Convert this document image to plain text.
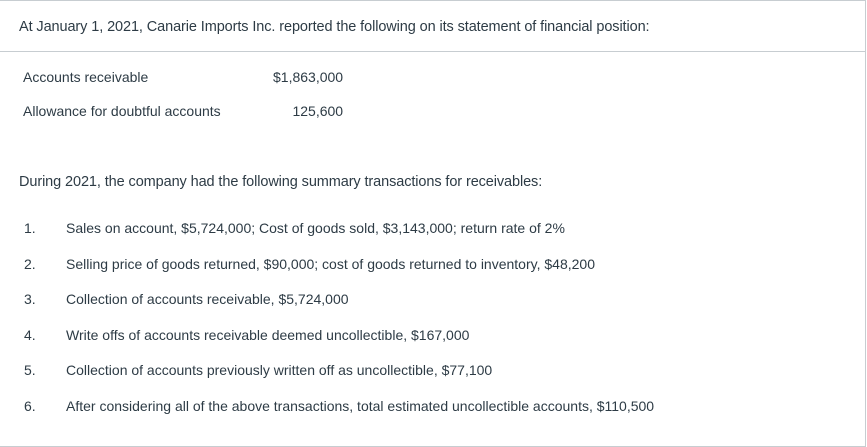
At January 1, 2021, Canarie Imports Inc. reported the following on its statement of financial position:

Accounts receivable	$1,863,000
Allowance for doubtful accounts	125,600

During 2021, the company had the following summary transactions for receivables:

1. Sales on account, $5,724,000; Cost of goods sold, $3,143,000; return rate of 2%
2. Selling price of goods returned, $90,000; cost of goods returned to inventory, $48,200
3. Collection of accounts receivable, $5,724,000
4. Write offs of accounts receivable deemed uncollectible, $167,000
5. Collection of accounts previously written off as uncollectible, $77,100
6. After considering all of the above transactions, total estimated uncollectible accounts, $110,500
